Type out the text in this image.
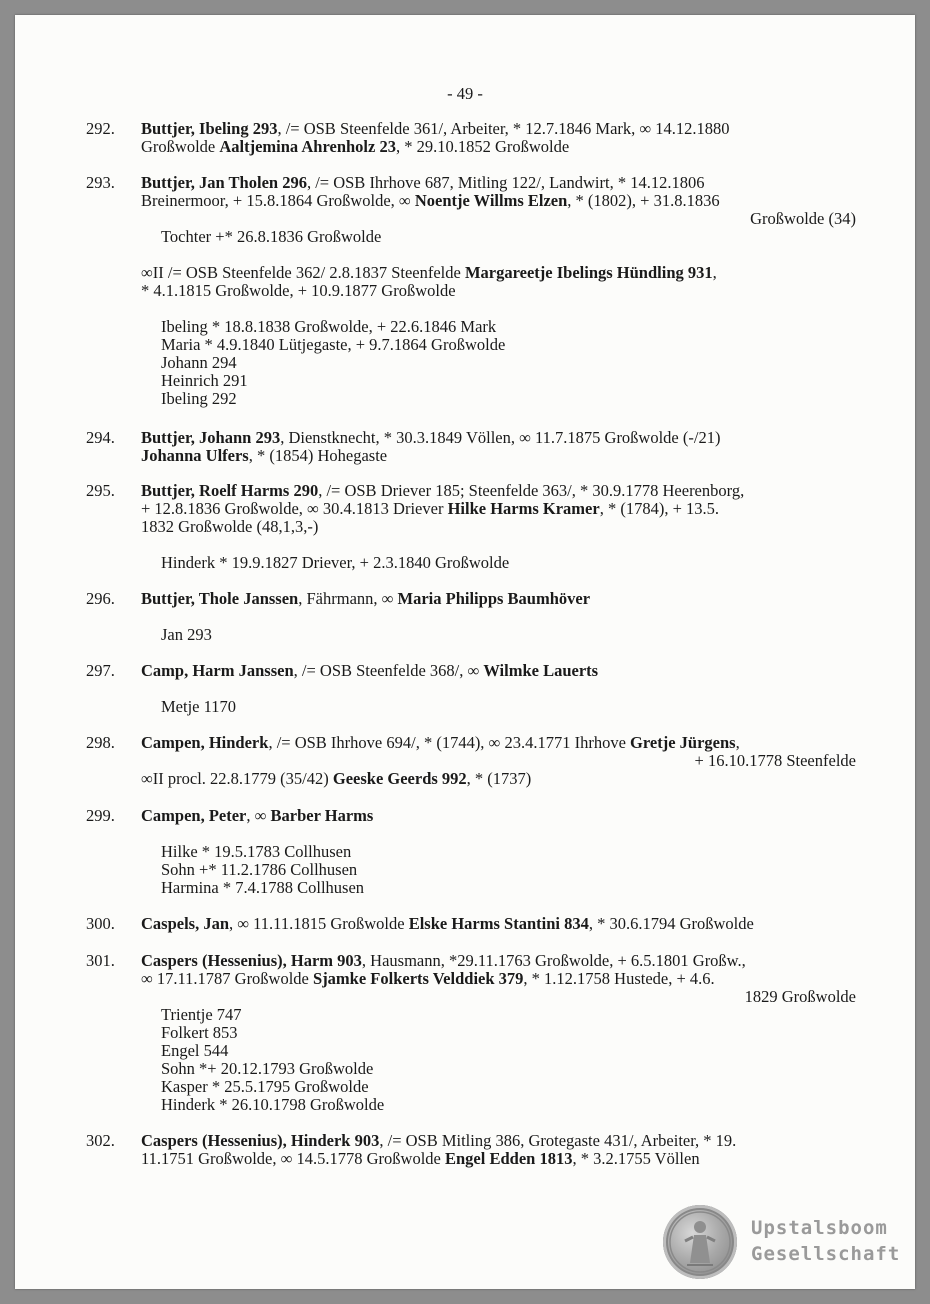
- 49 -
292. Buttjer, Ibeling 293, /= OSB Steenfelde 361/, Arbeiter, * 12.7.1846 Mark, ∞ 14.12.1880
Großwolde Aaltjemina Ahrenholz 23, * 29.10.1852 Großwolde
293. Buttjer, Jan Tholen 296, /= OSB Ihrhove 687, Mitling 122/, Landwirt, * 14.12.1806
Breinermoor, + 15.8.1864 Großwolde, ∞ Noentje Willms Elzen, * (1802), + 31.8.1836
Großwolde (34)
Tochter +* 26.8.1836 Großwolde
∞II /= OSB Steenfelde 362/ 2.8.1837 Steenfelde Margareetje Ibelings Hündling 931,
* 4.1.1815 Großwolde, + 10.9.1877 Großwolde
Ibeling * 18.8.1838 Großwolde, + 22.6.1846 Mark
Maria * 4.9.1840 Lütjegaste, + 9.7.1864 Großwolde
Johann 294
Heinrich 291
Ibeling 292
294. Buttjer, Johann 293, Dienstknecht, * 30.3.1849 Völlen, ∞ 11.7.1875 Großwolde (-/21)
Johanna Ulfers, * (1854) Hohegaste
295. Buttjer, Roelf Harms 290, /= OSB Driever 185; Steenfelde 363/, * 30.9.1778 Heerenborg,
+ 12.8.1836 Großwolde, ∞ 30.4.1813 Driever Hilke Harms Kramer, * (1784), + 13.5.
1832 Großwolde (48,1,3,-)
Hinderk * 19.9.1827 Driever, + 2.3.1840 Großwolde
296. Buttjer, Thole Janssen, Fährmann, ∞ Maria Philipps Baumhöver
Jan 293
297. Camp, Harm Janssen, /= OSB Steenfelde 368/, ∞ Wilmke Lauerts
Metje 1170
298. Campen, Hinderk, /= OSB Ihrhove 694/, * (1744), ∞ 23.4.1771 Ihrhove Gretje Jürgens,
+ 16.10.1778 Steenfelde
∞II procl. 22.8.1779 (35/42) Geeske Geerds 992, * (1737)
299. Campen, Peter, ∞ Barber Harms
Hilke * 19.5.1783 Collhusen
Sohn +* 11.2.1786 Collhusen
Harmina * 7.4.1788 Collhusen
300. Caspels, Jan, ∞ 11.11.1815 Großwolde Elske Harms Stantini 834, * 30.6.1794 Großwolde
301. Caspers (Hessenius), Harm 903, Hausmann, *29.11.1763 Großwolde, + 6.5.1801 Großw.,
∞ 17.11.1787 Großwolde Sjamke Folkerts Velddiek 379, * 1.12.1758 Hustede, + 4.6.
1829 Großwolde
Trientje 747
Folkert 853
Engel 544
Sohn *+ 20.12.1793 Großwolde
Kasper * 25.5.1795 Großwolde
Hinderk * 26.10.1798 Großwolde
302. Caspers (Hessenius), Hinderk 903, /= OSB Mitling 386, Grotegaste 431/, Arbeiter, * 19.
11.1751 Großwolde, ∞ 14.5.1778 Großwolde Engel Edden 1813, * 3.2.1755 Völlen
Upstalsboom
Gesellschaft
